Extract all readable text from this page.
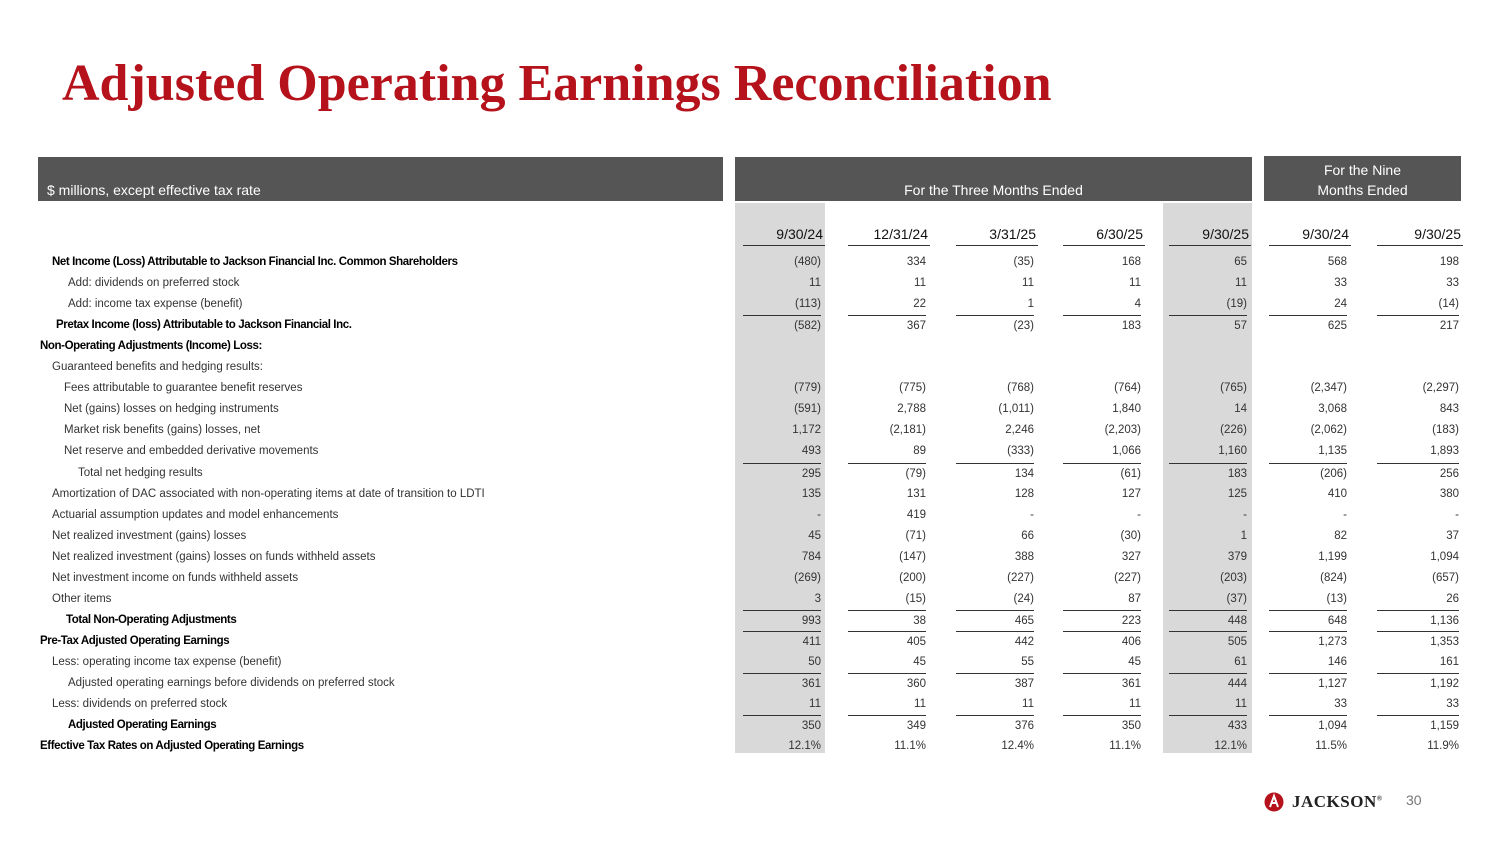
Adjusted Operating Earnings Reconciliation
$ millions, except effective tax rate	For the Three Months Ended
For the Nine
Months Ended
9/30/24	12/31/24	3/31/25	6/30/25	9/30/25	9/30/24	9/30/25
Net Income (Loss) Attributable to Jackson Financial Inc. Common Shareholders	(480)	334	(35)	168	65	568	198
Add: dividends on preferred stock	11	11	11	11	11	33	33
Add: income tax expense (benefit)	(113)	22	1	4	(19)	24	(14)
Pretax Income (loss) Attributable to Jackson Financial Inc.	(582)	367	(23)	183	57	625	217
Non-Operating Adjustments (Income) Loss:
Guaranteed benefits and hedging results:
Fees attributable to guarantee benefit reserves	(779)	(775)	(768)	(764)	(765)	(2,347)	(2,297)
Net (gains) losses on hedging instruments	(591)	2,788	(1,011)	1,840	14	3,068	843
Market risk benefits (gains) losses, net	1,172	(2,181)	2,246	(2,203)	(226)	(2,062)	(183)
Net reserve and embedded derivative movements	493	89	(333)	1,066	1,160	1,135	1,893
Total net hedging results	295	(79)	134	(61)	183	(206)	256
Amortization of DAC associated with non-operating items at date of transition to LDTI	135	131	128	127	125	410	380
Actuarial assumption updates and model enhancements	-	419	-	-	-	-	-
Net realized investment (gains) losses	45	(71)	66	(30)	1	82	37
Net realized investment (gains) losses on funds withheld assets	784	(147)	388	327	379	1,199	1,094
Net investment income on funds withheld assets	(269)	(200)	(227)	(227)	(203)	(824)	(657)
Other items	3	(15)	(24)	87	(37)	(13)	26
Total Non-Operating Adjustments	993	38	465	223	448	648	1,136
Pre-Tax Adjusted Operating Earnings	411	405	442	406	505	1,273	1,353
Less: operating income tax expense (benefit)	50	45	55	45	61	146	161
Adjusted operating earnings before dividends on preferred stock	361	360	387	361	444	1,127	1,192
Less: dividends on preferred stock	11	11	11	11	11	33	33
Adjusted Operating Earnings	350	349	376	350	433	1,094	1,159
Effective Tax Rates on Adjusted Operating Earnings	12.1%	11.1%	12.4%	11.1%	12.1%	11.5%	11.9%
JACKSON® 30
